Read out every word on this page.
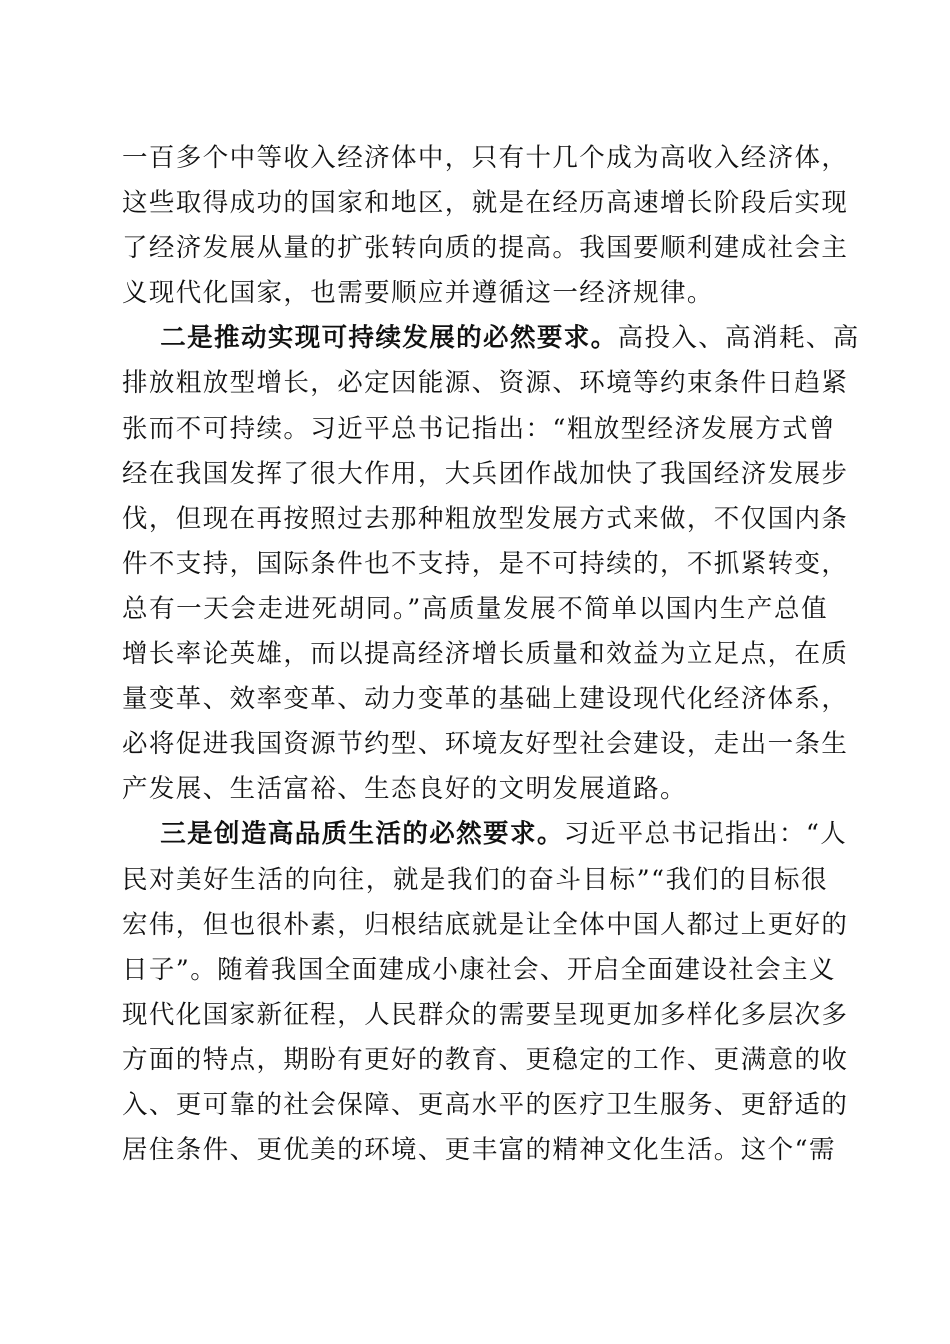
一百多个中等收入经济体中，只有十几个成为高收入经济体，
这些取得成功的国家和地区，就是在经历高速增长阶段后实现
了经济发展从量的扩张转向质的提高。我国要顺利建成社会主
义现代化国家，也需要顺应并遵循这一经济规律。
二是推动实现可持续发展的必然要求。高投入、高消耗、高
排放粗放型增长，必定因能源、资源、环境等约束条件日趋紧
张而不可持续。习近平总书记指出：“粗放型经济发展方式曾
经在我国发挥了很大作用，大兵团作战加快了我国经济发展步
伐，但现在再按照过去那种粗放型发展方式来做，不仅国内条
件不支持，国际条件也不支持，是不可持续的，不抓紧转变，
总有一天会走进死胡同。”高质量发展不简单以国内生产总值
增长率论英雄，而以提高经济增长质量和效益为立足点，在质
量变革、效率变革、动力变革的基础上建设现代化经济体系，
必将促进我国资源节约型、环境友好型社会建设，走出一条生
产发展、生活富裕、生态良好的文明发展道路。
三是创造高品质生活的必然要求。习近平总书记指出：“人
民对美好生活的向往，就是我们的奋斗目标”“我们的目标很
宏伟，但也很朴素，归根结底就是让全体中国人都过上更好的
日子”。随着我国全面建成小康社会、开启全面建设社会主义
现代化国家新征程，人民群众的需要呈现更加多样化多层次多
方面的特点，期盼有更好的教育、更稳定的工作、更满意的收
入、更可靠的社会保障、更高水平的医疗卫生服务、更舒适的
居住条件、更优美的环境、更丰富的精神文化生活。这个“需
